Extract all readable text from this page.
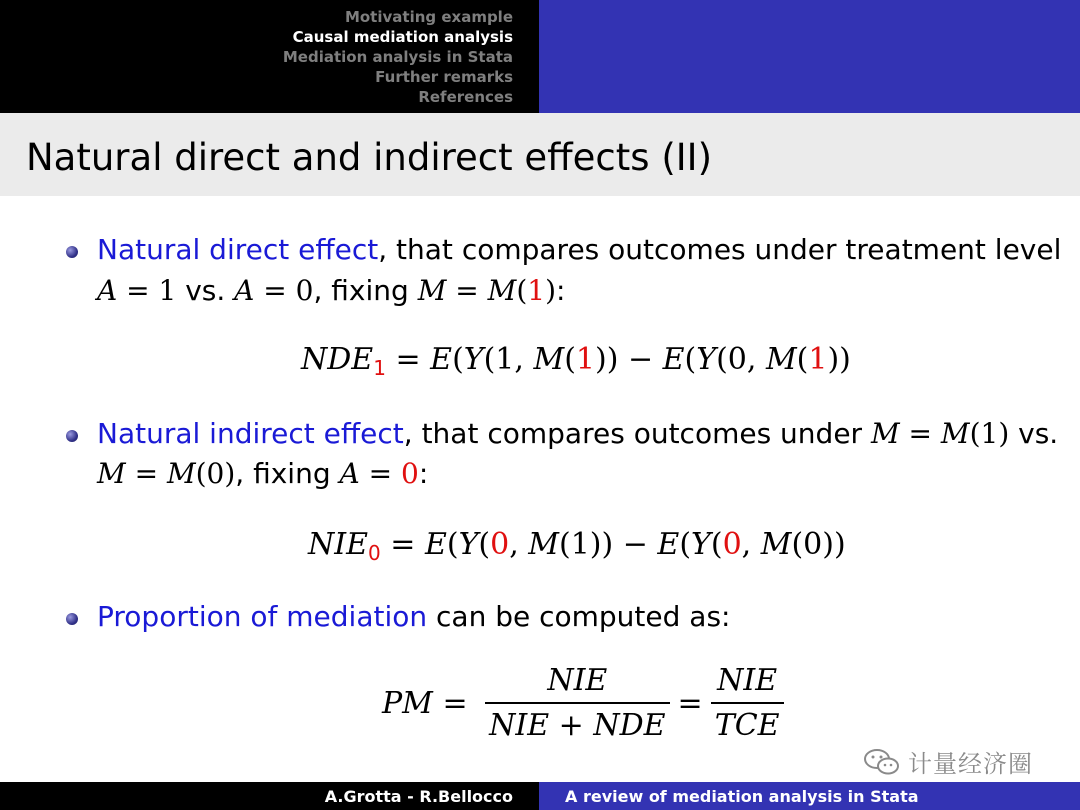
Motivating example
Causal mediation analysis
Mediation analysis in Stata
Further remarks
References
Natural direct and indirect effects (II)
Natural direct effect, that compares outcomes under treatment level
A = 1 vs. A = 0, fixing M = M(1):
$NDE_1 = E(Y(1$, M(1)) − E(Y(0, M(1))
Natural indirect effect, that compares outcomes under M = M(1) vs.
M = M(0), fixing A = 0:
$NIE_0 = E(Y(0$, M(1)) − E(Y(0, M(0))
Proportion of mediation can be computed as:
PM = $\frac{\text{NIE}}{\text{NIE + NDE}} = \frac{\text{NIE}}{\text{TCE}}$
计量经济圈
A.Grotta - R.Bellocco	A review of mediation analysis in Stata
